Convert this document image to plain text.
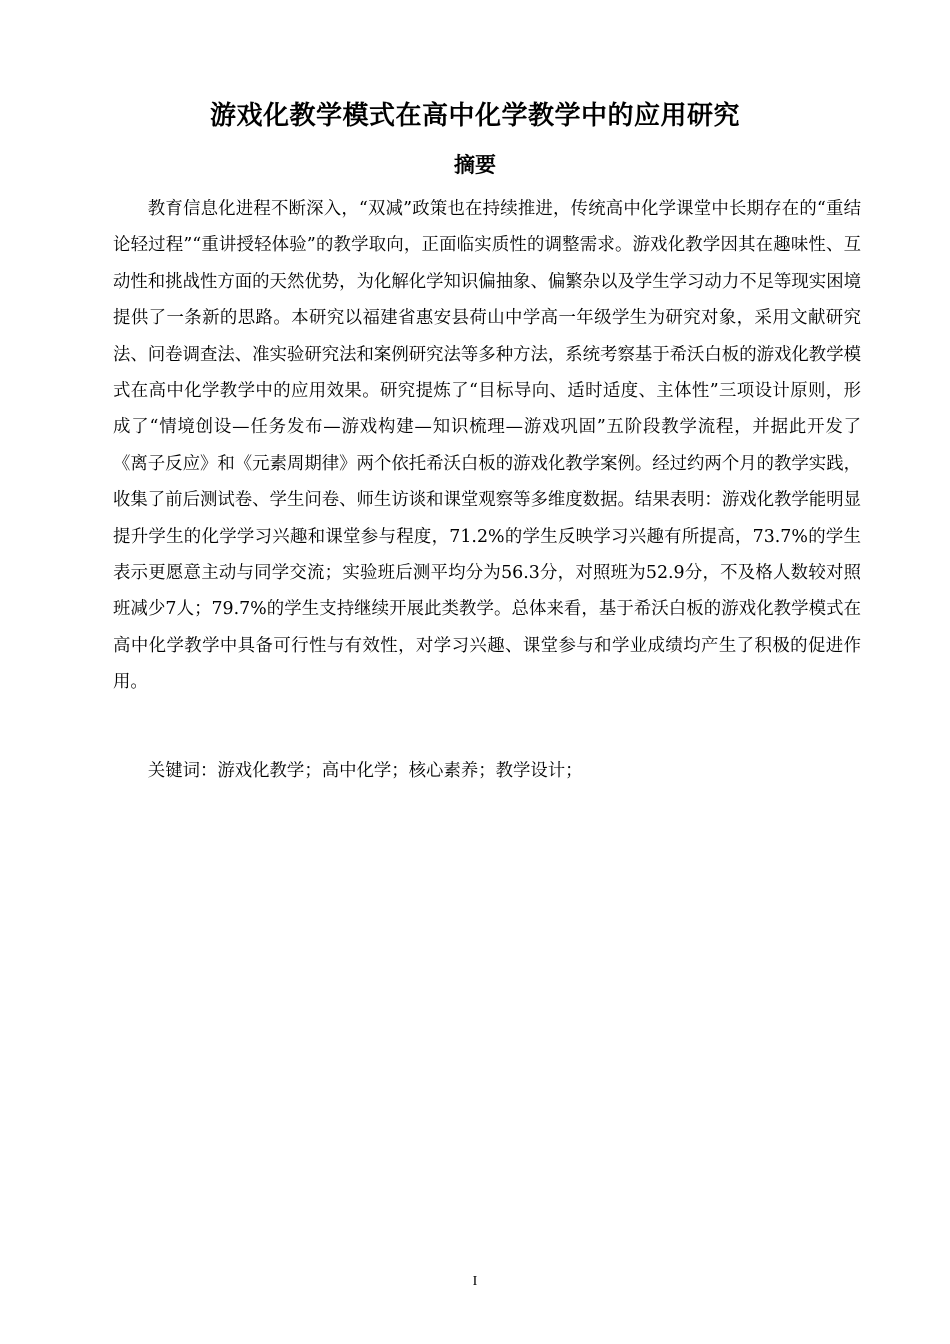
游戏化教学模式在高中化学教学中的应用研究
摘要

教育信息化进程不断深入，“双减”政策也在持续推进，传统高中化学课堂中长期存在的“重结论轻过程”“重讲授轻体验”的教学取向，正面临实质性的调整需求。游戏化教学因其在趣味性、互动性和挑战性方面的天然优势，为化解化学知识偏抽象、偏繁杂以及学生学习动力不足等现实困境提供了一条新的思路。本研究以福建省惠安县荷山中学高一年级学生为研究对象，采用文献研究法、问卷调查法、准实验研究法和案例研究法等多种方法，系统考察基于希沃白板的游戏化教学模式在高中化学教学中的应用效果。研究提炼了“目标导向、适时适度、主体性”三项设计原则，形成了“情境创设—任务发布—游戏构建—知识梳理—游戏巩固”五阶段教学流程，并据此开发了《离子反应》和《元素周期律》两个依托希沃白板的游戏化教学案例。经过约两个月的教学实践，收集了前后测试卷、学生问卷、师生访谈和课堂观察等多维度数据。结果表明：游戏化教学能明显提升学生的化学学习兴趣和课堂参与程度，71.2%的学生反映学习兴趣有所提高，73.7%的学生表示更愿意主动与同学交流；实验班后测平均分为56.3分，对照班为52.9分，不及格人数较对照班减少7人；79.7%的学生支持继续开展此类教学。总体来看，基于希沃白板的游戏化教学模式在高中化学教学中具备可行性与有效性，对学习兴趣、课堂参与和学业成绩均产生了积极的促进作用。

关键词：游戏化教学；高中化学；核心素养；教学设计；

I
